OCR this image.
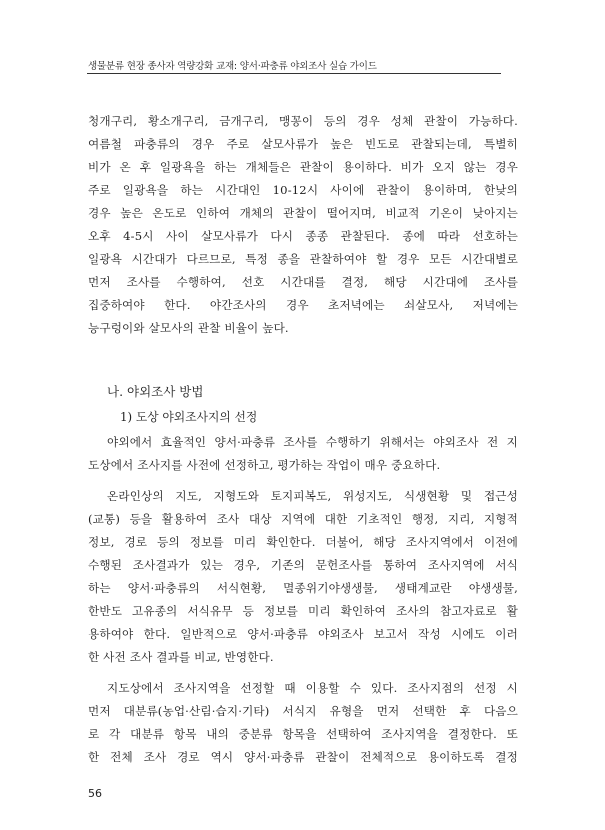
생물분류 현장 종사자 역량강화 교재: 양서·파충류 야외조사 실습 가이드
청개구리, 황소개구리, 금개구리, 맹꽁이 등의 경우 성체 관찰이 가능하다.
여름철 파충류의 경우 주로 살모사류가 높은 빈도로 관찰되는데, 특별히
비가 온 후 일광욕을 하는 개체들은 관찰이 용이하다. 비가 오지 않는 경우
주로 일광욕을 하는 시간대인 10-12시 사이에 관찰이 용이하며, 한낮의
경우 높은 온도로 인하여 개체의 관찰이 떨어지며, 비교적 기온이 낮아지는
오후 4-5시 사이 살모사류가 다시 종종 관찰된다. 종에 따라 선호하는
일광욕 시간대가 다르므로, 특정 종을 관찰하여야 할 경우 모든 시간대별로
먼저 조사를 수행하여, 선호 시간대를 결정, 해당 시간대에 조사를
집중하여야 한다. 야간조사의 경우 초저녁에는 쇠살모사, 저녁에는
능구렁이와 살모사의 관찰 비율이 높다.
나. 야외조사 방법
1) 도상 야외조사지의 선정
야외에서 효율적인 양서·파충류 조사를 수행하기 위해서는 야외조사 전 지
도상에서 조사지를 사전에 선정하고, 평가하는 작업이 매우 중요하다.
온라인상의 지도, 지형도와 토지피복도, 위성지도, 식생현황 및 접근성
(교통) 등을 활용하여 조사 대상 지역에 대한 기초적인 행정, 지리, 지형적
정보, 경로 등의 정보를 미리 확인한다. 더불어, 해당 조사지역에서 이전에
수행된 조사결과가 있는 경우, 기존의 문헌조사를 통하여 조사지역에 서식
하는 양서·파충류의 서식현황, 멸종위기야생생물, 생태계교란 야생생물,
한반도 고유종의 서식유무 등 정보를 미리 확인하여 조사의 참고자료로 활
용하여야 한다. 일반적으로 양서·파충류 야외조사 보고서 작성 시에도 이러
한 사전 조사 결과를 비교, 반영한다.
지도상에서 조사지역을 선정할 때 이용할 수 있다. 조사지점의 선정 시
먼저 대분류(농업·산림·습지·기타) 서식지 유형을 먼저 선택한 후 다음으
로 각 대분류 항목 내의 중분류 항목을 선택하여 조사지역을 결정한다. 또
한 전체 조사 경로 역시 양서·파충류 관찰이 전체적으로 용이하도록 결정
56
